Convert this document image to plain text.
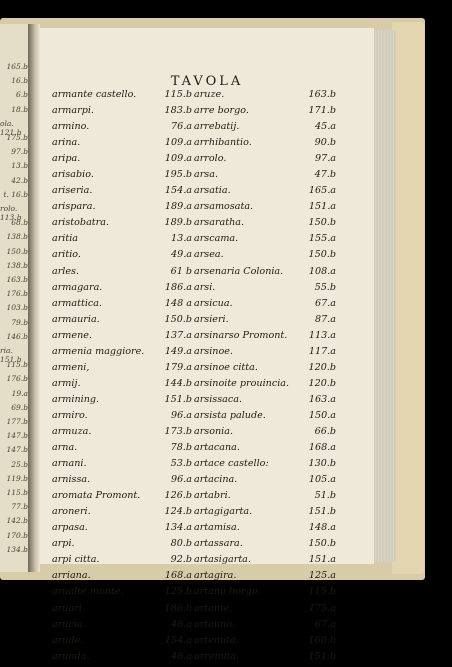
165.b
16.b
6.b
18.b
ola. 121.b
175.b
97.b
13.b
42.b
t. 16.b
rolo. 113.b
68.b
138.b
150.b
138.b
163.b
176.b
103.b
79.b
146.b
ria. 151.b
115.b
176.b
19.a
69.b
177.b
147.b
147.b
25.b
119.b
115.b
77.b
142.b
170.b
134.b
TAVOLA
armante castello.	115.b
armarpi.	183.b
armino.	76.a
arina.	109.a
aripa.	109.a
arisabio.	195.b
ariseria.	154.a
arispara.	189.a
aristobatra.	189.b
aritia	13.a
aritio.	49.a
arles.	61 b
armagara.	186.a
armattica.	148 a
armauria.	150.b
armene.	137.a
armenia maggiore. 149.a
armeni,	179.a
armij.	144.b
armining.	151.b
armiro.	96.a
armuza.	173.b
arna.	78.b
arnani.	53.b
arnissa.	96.a
aromata Promont.	126.b
aroneri.	124.b
arpasa.	134.a
arpi.	80.b
arpi citta.	92.b
arriana.	168.a
arualte monte,	125.b
aruari.	186.b
arucia.	48.a
arude.	154.a
arunda.	48.a
aruze.	163.b
arre borgo.	171.b
arrebatij.	45.a
arrhibantio.	90.b
arrolo.	97.a
arsa.	47.b
arsatia.	165.a
arsamosata.	151.a
arsaratha.	150.b
arscama.	155.a
arsea.	150.b
arsenaria Colonia.	108.a
arsi.	55.b
arsicua.	67.a
arsieri.	87.a
arsinarso Promont. 113.a
arsinoe.	117.a
arsinoe citta.	120.b
arsinoite prouincia. 120.b
arsissaca.	163.a
arsista palude.	150.a
arsonia.	66.b
artacana.	168.a
artace castello:	130.b
artacina.	105.a
artabri.	51.b
artagigarta.	151.b
artamisa.	148.a
artassara.	150.b
artasigarta.	151.a
artagira.	125.a
artami borgo.	115.b
artame.	175.a
artauno.	67.a
artemita.	160.b
arremita.	151.b
